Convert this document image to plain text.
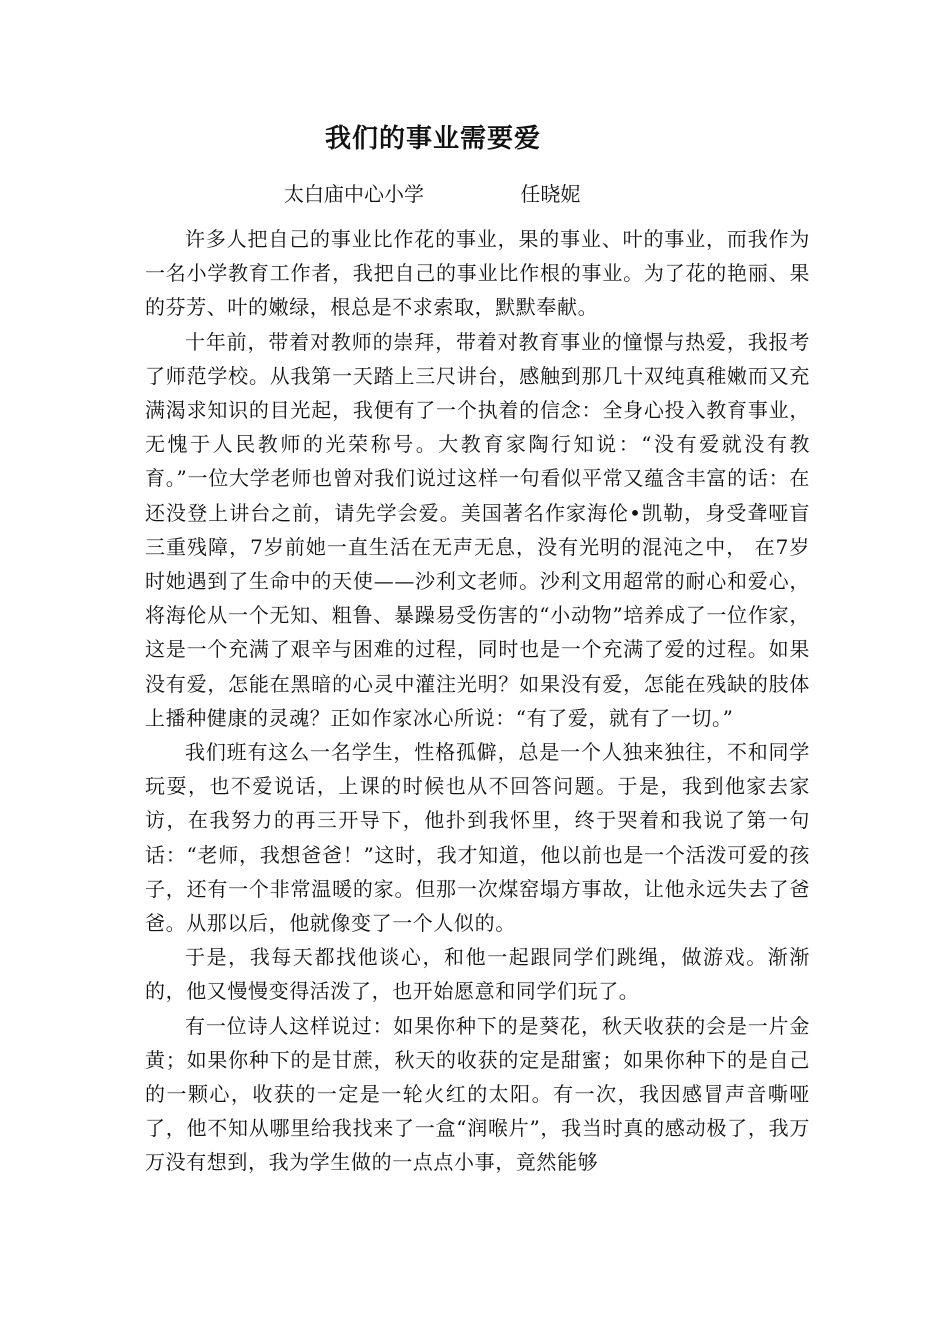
我们的事业需要爱
太白庙中心小学	任晓妮

许多人把自己的事业比作花的事业，果的事业、叶的事业，而我作为一名小学教育工作者，我把自己的事业比作根的事业。为了花的艳丽、果的芬芳、叶的嫩绿，根总是不求索取，默默奉献。

十年前，带着对教师的崇拜，带着对教育事业的憧憬与热爱，我报考了师范学校。从我第一天踏上三尺讲台，感触到那几十双纯真稚嫩而又充满渴求知识的目光起，我便有了一个执着的信念：全身心投入教育事业，无愧于人民教师的光荣称号。大教育家陶行知说：“没有爱就没有教育。”一位大学老师也曾对我们说过这样一句看似平常又蕴含丰富的话：在还没登上讲台之前，请先学会爱。美国著名作家海伦•凯勒，身受聋哑盲三重残障，7岁前她一直生活在无声无息，没有光明的混沌之中， 在7岁时她遇到了生命中的天使——沙利文老师。沙利文用超常的耐心和爱心，将海伦从一个无知、粗鲁、暴躁易受伤害的“小动物”培养成了一位作家，这是一个充满了艰辛与困难的过程，同时也是一个充满了爱的过程。如果没有爱，怎能在黑暗的心灵中灌注光明？如果没有爱，怎能在残缺的肢体上播种健康的灵魂？正如作家冰心所说：“有了爱，就有了一切。”

我们班有这么一名学生，性格孤僻，总是一个人独来独往，不和同学玩耍，也不爱说话，上课的时候也从不回答问题。于是，我到他家去家访，在我努力的再三开导下，他扑到我怀里，终于哭着和我说了第一句话：“老师，我想爸爸！”这时，我才知道，他以前也是一个活泼可爱的孩子，还有一个非常温暖的家。但那一次煤窑塌方事故，让他永远失去了爸爸。从那以后，他就像变了一个人似的。

于是，我每天都找他谈心，和他一起跟同学们跳绳，做游戏。渐渐的，他又慢慢变得活泼了，也开始愿意和同学们玩了。

有一位诗人这样说过：如果你种下的是葵花，秋天收获的会是一片金黄；如果你种下的是甘蔗，秋天的收获的定是甜蜜；如果你种下的是自己的一颗心，收获的一定是一轮火红的太阳。有一次，我因感冒声音嘶哑了，他不知从哪里给我找来了一盒“润喉片”，我当时真的感动极了，我万万没有想到，我为学生做的一点点小事，竟然能够
